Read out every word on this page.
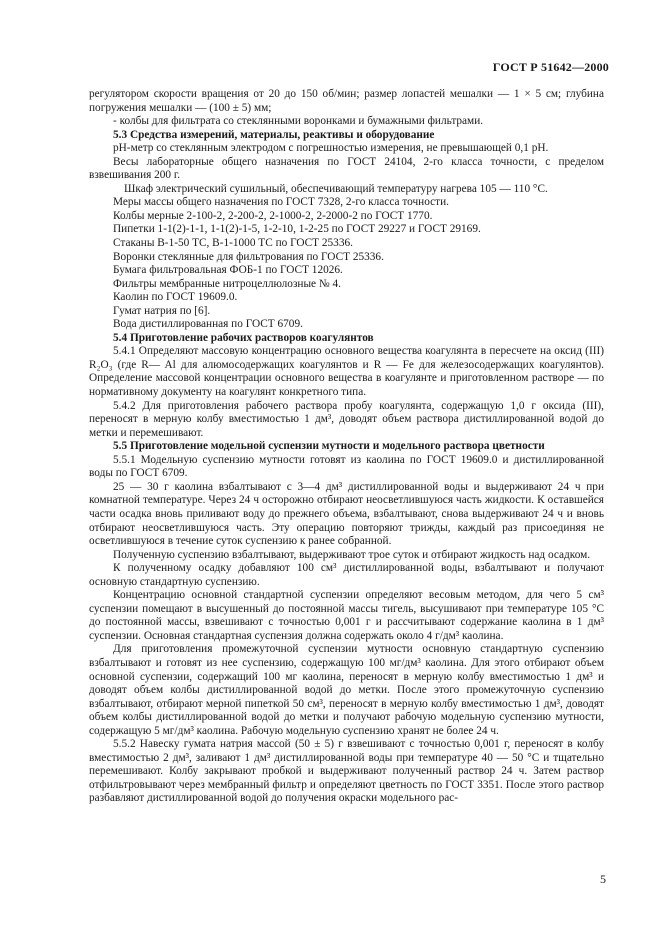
ГОСТ Р 51642—2000

регулятором скорости вращения от 20 до 150 об/мин; размер лопастей мешалки — 1 × 5 см; глубина погружения мешалки — (100 ± 5) мм;

- колбы для фильтрата со стеклянными воронками и бумажными фильтрами.

5.3 Средства измерений, материалы, реактивы и оборудование

pH-метр со стеклянным электродом с погрешностью измерения, не превышающей 0,1 pH.

Весы лабораторные общего назначения по ГОСТ 24104, 2-го класса точности, с пределом взвешивания 200 г.

Шкаф электрический сушильный, обеспечивающий температуру нагрева 105 — 110 °С.

Меры массы общего назначения по ГОСТ 7328, 2-го класса точности.

Колбы мерные 2-100-2, 2-200-2, 2-1000-2, 2-2000-2 по ГОСТ 1770.

Пипетки 1-1(2)-1-1, 1-1(2)-1-5, 1-2-10, 1-2-25 по ГОСТ 29227 и ГОСТ 29169.

Стаканы В-1-50 ТС, В-1-1000 ТС по ГОСТ 25336.

Воронки стеклянные для фильтрования по ГОСТ 25336.

Бумага фильтровальная ФОБ-1 по ГОСТ 12026.

Фильтры мембранные нитроцеллюлозные № 4.

Каолин по ГОСТ 19609.0.

Гумат натрия по [6].

Вода дистиллированная по ГОСТ 6709.

5.4 Приготовление рабочих растворов коагулянтов

5.4.1 Определяют массовую концентрацию основного вещества коагулянта в пересчете на оксид (III) R₂O₃ (где R— Al для алюмосодержащих коагулянтов и R — Fe для железосодержащих коагулянтов). Определение массовой концентрации основного вещества в коагулянте и приготовленном растворе — по нормативному документу на коагулянт конкретного типа.

5.4.2 Для приготовления рабочего раствора пробу коагулянта, содержащую 1,0 г оксида (III), переносят в мерную колбу вместимостью 1 дм³, доводят объем раствора дистиллированной водой до метки и перемешивают.

5.5 Приготовление модельной суспензии мутности и модельного раствора цветности

5.5.1 Модельную суспензию мутности готовят из каолина по ГОСТ 19609.0 и дистиллированной воды по ГОСТ 6709.

25 — 30 г каолина взбалтывают с 3—4 дм³ дистиллированной воды и выдерживают 24 ч при комнатной температуре. Через 24 ч осторожно отбирают неосветлившуюся часть жидкости. К оставшейся части осадка вновь приливают воду до прежнего объема, взбалтывают, снова выдерживают 24 ч и вновь отбирают неосветлившуюся часть. Эту операцию повторяют трижды, каждый раз присоединяя не осветлившуюся в течение суток суспензию к ранее собранной.

Полученную суспензию взбалтывают, выдерживают трое суток и отбирают жидкость над осадком.

К полученному осадку добавляют 100 см³ дистиллированной воды, взбалтывают и получают основную стандартную суспензию.

Концентрацию основной стандартной суспензии определяют весовым методом, для чего 5 см³ суспензии помещают в высушенный до постоянной массы тигель, высушивают при температуре 105 °С до постоянной массы, взвешивают с точностью 0,001 г и рассчитывают содержание каолина в 1 дм³ суспензии. Основная стандартная суспензия должна содержать около 4 г/дм³ каолина.

Для приготовления промежуточной суспензии мутности основную стандартную суспензию взбалтывают и готовят из нее суспензию, содержащую 100 мг/дм³ каолина. Для этого отбирают объем основной суспензии, содержащий 100 мг каолина, переносят в мерную колбу вместимостью 1 дм³ и доводят объем колбы дистиллированной водой до метки. После этого промежуточную суспензию взбалтывают, отбирают мерной пипеткой 50 см³, переносят в мерную колбу вместимостью 1 дм³, доводят объем колбы дистиллированной водой до метки и получают рабочую модельную суспензию мутности, содержащую 5 мг/дм³ каолина. Рабочую модельную суспензию хранят не более 24 ч.

5.5.2 Навеску гумата натрия массой (50 ± 5) г взвешивают с точностью 0,001 г, переносят в колбу вместимостью 2 дм³, заливают 1 дм³ дистиллированной воды при температуре 40 — 50 °С и тщательно перемешивают. Колбу закрывают пробкой и выдерживают полученный раствор 24 ч. Затем раствор отфильтровывают через мембранный фильтр и определяют цветность по ГОСТ 3351. После этого раствор разбавляют дистиллированной водой до получения окраски модельного рас-

5
